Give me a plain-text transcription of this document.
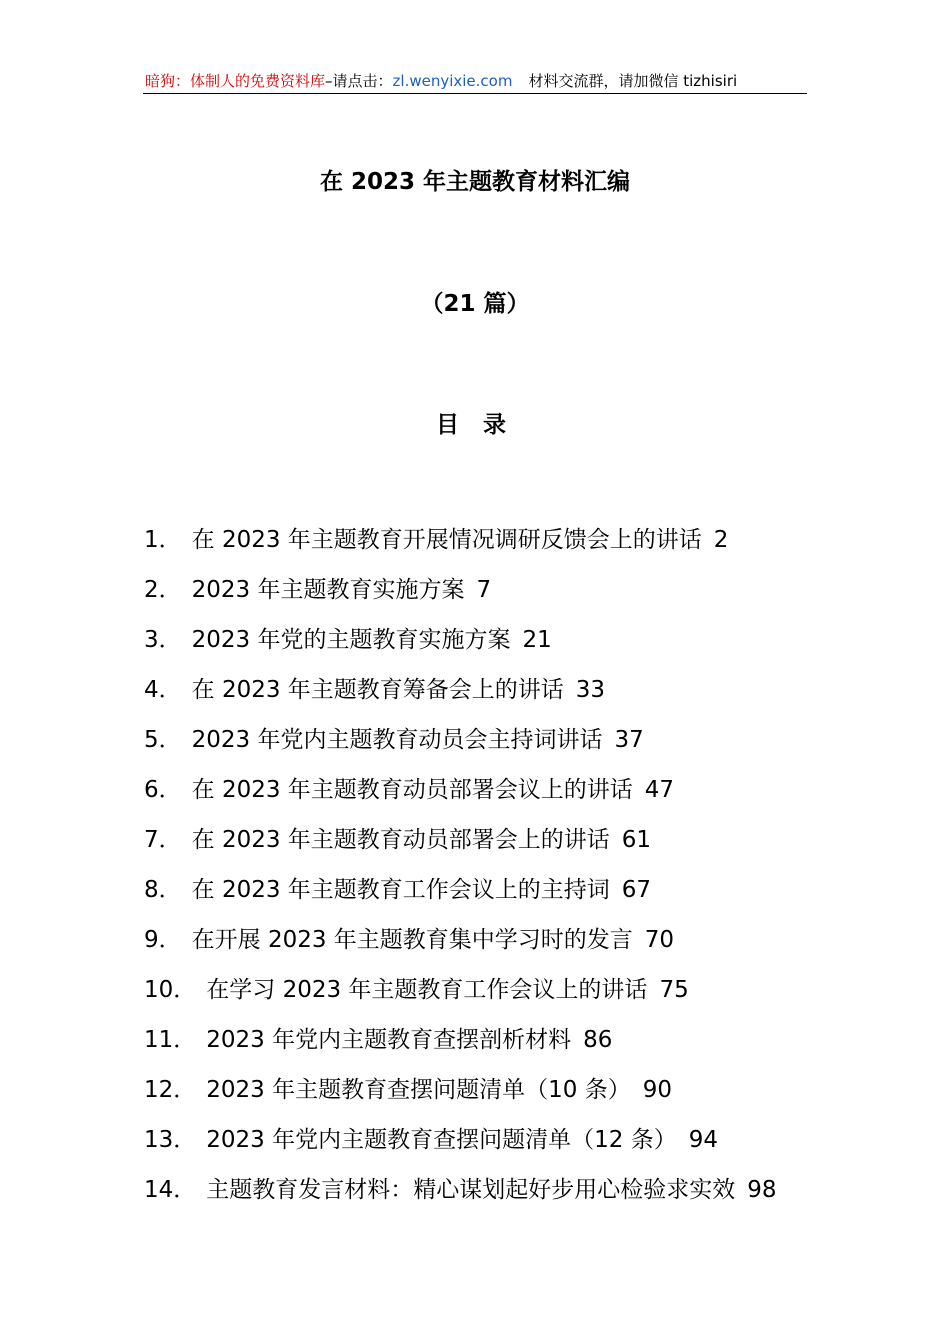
暗狗：体制人的免费资料库–请点击：zl.wenyixie.com 材料交流群，请加微信 tizhisiri
在 2023 年主题教育材料汇编
（21 篇）
目 录
1． 在 2023 年主题教育开展情况调研反馈会上的讲话 2
2． 2023 年主题教育实施方案 7
3． 2023 年党的主题教育实施方案 21
4． 在 2023 年主题教育筹备会上的讲话 33
5． 2023 年党内主题教育动员会主持词讲话 37
6． 在 2023 年主题教育动员部署会议上的讲话 47
7． 在 2023 年主题教育动员部署会上的讲话 61
8． 在 2023 年主题教育工作会议上的主持词 67
9． 在开展 2023 年主题教育集中学习时的发言 70
10． 在学习 2023 年主题教育工作会议上的讲话 75
11． 2023 年党内主题教育查摆剖析材料 86
12． 2023 年主题教育查摆问题清单（10 条） 90
13． 2023 年党内主题教育查摆问题清单（12 条） 94
14． 主题教育发言材料：精心谋划起好步用心检验求实效 98
